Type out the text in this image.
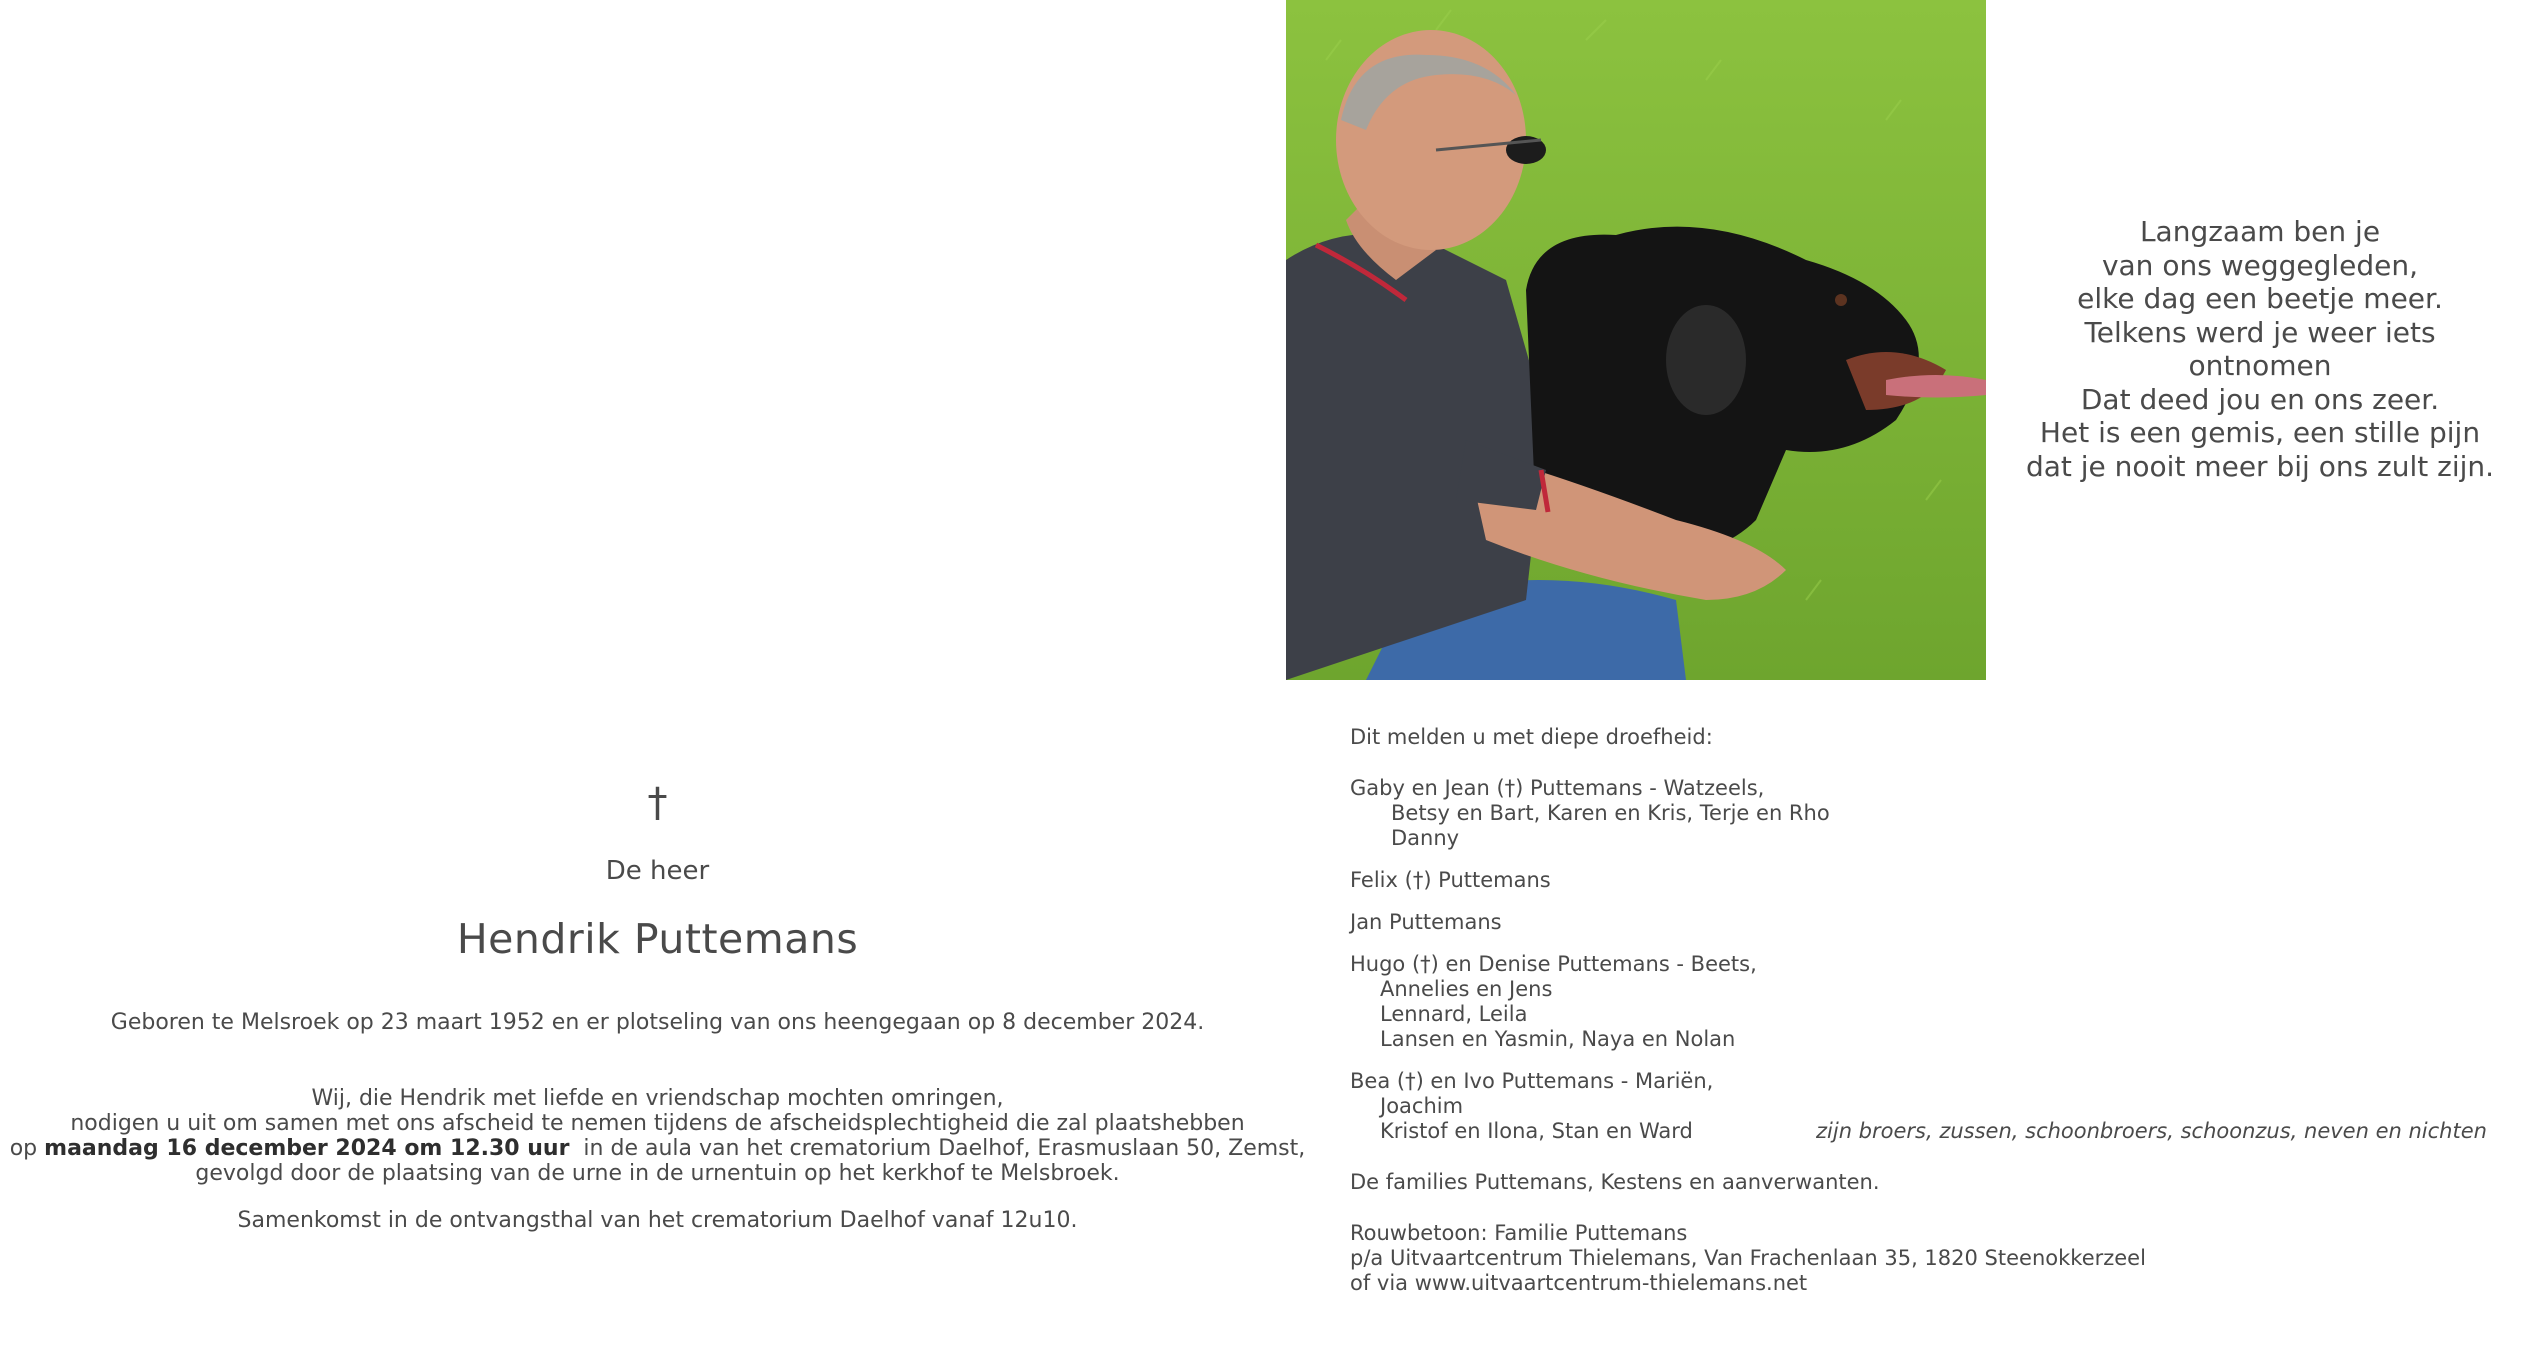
†
De heer
Hendrik Puttemans
Geboren te Melsroek op 23 maart 1952 en er plotseling van ons heengegaan op 8 december 2024.
Wij, die Hendrik met liefde en vriendschap mochten omringen,
nodigen u uit om samen met ons afscheid te nemen tijdens de afscheidsplechtigheid die zal plaatshebben
op maandag 16 december 2024 om 12.30 uur  in de aula van het crematorium Daelhof, Erasmuslaan 50, Zemst,
gevolgd door de plaatsing van de urne in de urnentuin op het kerkhof te Melsbroek.
Samenkomst in de ontvangsthal van het crematorium Daelhof vanaf 12u10.
Langzaam ben je
van ons weggegleden,
elke dag een beetje meer.
Telkens werd je weer iets ontnomen
Dat deed jou en ons zeer.
Het is een gemis, een stille pijn
dat je nooit meer bij ons zult zijn.

Dit melden u met diepe droefheid:

Gaby en Jean (†) Puttemans - Watzeels,

Betsy en Bart, Karen en Kris, Terje en Rho

Danny

Felix (†) Puttemans

Jan Puttemans

Hugo (†) en Denise Puttemans - Beets,

Annelies en Jens

Lennard, Leila

Lansen en Yasmin, Naya en Nolan

Bea (†) en Ivo Puttemans - Mariën,

Joachim

Kristof en Ilona, Stan en Ward	zijn broers, zussen, schoonbroers, schoonzus, neven en nichten

De families Puttemans, Kestens en aanverwanten.

Rouwbetoon: Familie Puttemans

p/a Uitvaartcentrum Thielemans, Van Frachenlaan 35, 1820 Steenokkerzeel

of via www.uitvaartcentrum-thielemans.net
